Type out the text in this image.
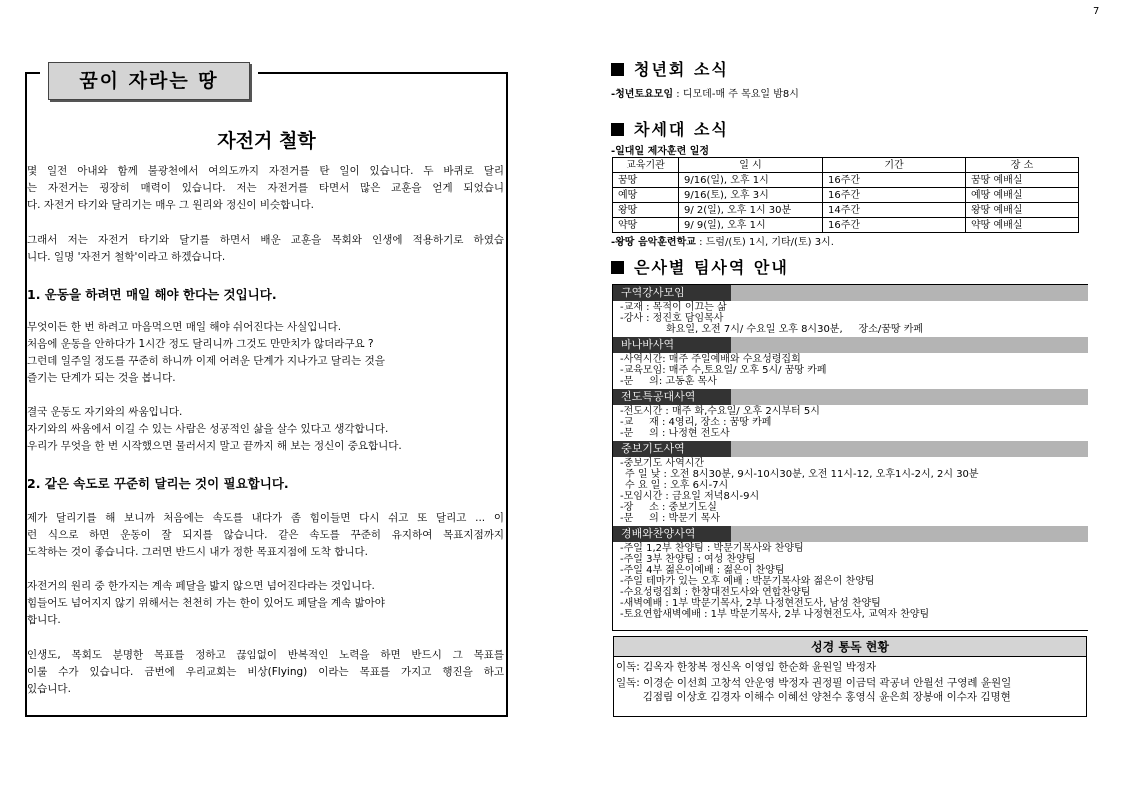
7
꿈이 자라는 땅
자전거 철학
몇 일전 아내와 함께 불광천에서 여의도까지 자전거를 탄 일이 있습니다. 두 바퀴로 달리
는 자전거는 굉장히 매력이 있습니다. 저는 자전거를 타면서 많은 교훈을 얻게 되었습니
다. 자전거 타기와 달리기는 매우 그 원리와 정신이 비슷합니다.
그래서 저는 자전거 타기와 달기를 하면서 배운 교훈을 목회와 인생에 적용하기로 하였습
니다. 일명 '자전거 철학'이라고 하겠습니다.
1. 운동을 하려면 매일 해야 한다는 것입니다.
무엇이든 한 번 하려고 마음먹으면 매일 해야 쉬어진다는 사실입니다.
처음에 운동을 안하다가 1시간 정도 달리니까 그것도 만만치가 않더라구요 ?
그런데 일주일 정도를 꾸준히 하니까 이제 어려운 단계가 지나가고 달리는 것을
즐기는 단계가 되는 것을 봅니다.
결국 운동도 자기와의 싸움입니다.
자기와의 싸움에서 이길 수 있는 사람은 성공적인 삶을 살수 있다고 생각합니다.
우리가 무엇을 한 번 시작했으면 물러서지 말고 끝까지 해 보는 정신이 중요합니다.
2. 같은 속도로 꾸준히 달리는 것이 필요합니다.
제가 달리기를 해 보니까 처음에는 속도를 내다가 좀 힘이들면 다시 쉬고 또 달리고 ... 이
런 식으로 하면 운동이 잘 되지를 않습니다. 같은 속도를 꾸준히 유지하여 목표지점까지
도착하는 것이 좋습니다. 그러면 반드시 내가 정한 목표지점에 도착 합니다.
자전거의 원리 중 한가지는 계속 페달을 밟지 않으면 넘어진다라는 것입니다.
힘들어도 넘어지지 않기 위해서는 천천히 가는 한이 있어도 페달을 계속 밟아야
합니다.
인생도, 목회도 분명한 목표를 정하고 끊임없이 반복적인 노력을 하면 반드시 그 목표를
이룰 수가 있습니다. 금번에 우리교회는 비상(Flying) 이라는 목표를 가지고 행진을 하고
있습니다.
청년회 소식
-청년토요모임 : 디모데-매 주 목요일 밤8시
차세대 소식
-일대일 제자훈련 일정
교육기관	일 시	기간	장 소
꿈땅	9/16(일), 오후 1시	16주간	꿈땅 예배실
예땅	9/16(토), 오후 3시	16주간	예땅 예배실
왕땅	9/ 2(일), 오후 1시 30분	14주간	왕땅 예배실
약땅	9/ 9(일), 오후 1시	16주간	약땅 예배실
-왕땅 음악훈련학교 : 드럼/(토) 1시, 기타/(토) 3시.
은사별 팀사역 안내
구역강사모임
-교재 : 목적이 이끄는 삶
-강사 : 정진호 담임목사
화요일, 오전 7시/ 수요일 오후 8시30분,     장소/꿈땅 카페
바나바사역
-사역시간: 매주 주일예배와 수요성령집회
-교육모임: 매주 수,토요일/ 오후 5시/ 꿈땅 카페
-문     의: 고동훈 목사
전도특공대사역
-전도시간 : 매주 화,수요일/ 오후 2시부터 5시
-교     재 : 4영리, 장소 : 꿈땅 카페
-문     의 : 나정현 전도사
중보기도사역
-중보기도 사역시간
주 일 낮 : 오전 8시30분, 9시-10시30분, 오전 11시-12, 오후1시-2시, 2시 30분
수 요 일 : 오후 6시-7시
-모임시간 : 금요일 저녁8시-9시
-장     소 : 중보기도실
-문     의 : 박문기 목사
경배와찬양사역
-주일 1,2부 찬양팀 : 박문기목사와 찬양팀
-주일 3부 찬양팀 : 여성 찬양팀
-주일 4부 젊은이예배 : 젊은이 찬양팀
-주일 테마가 있는 오후 예배 : 박문기목사와 젊은이 찬양팀
-수요성령집회 : 한창대전도사와 연합찬양팀
-새벽예배 : 1부 박문기목사, 2부 나정현전도사, 남성 찬양팀
-토요연합새벽예배 : 1부 박문기목사, 2부 나정현전도사, 교역자 찬양팀
성경 통독 현황
이독: 김옥자 한창복 정신옥 이영임 한순화 윤원일 박정자
일독: 이경순 이선희 고창석 안운영 박정자 권정필 이금덕 곽공녀 안월선 구영례 윤원일
김점림 이상호 김경자 이해수 이혜선 양천수 홍영식 윤은희 장봉애 이수자 김명현
